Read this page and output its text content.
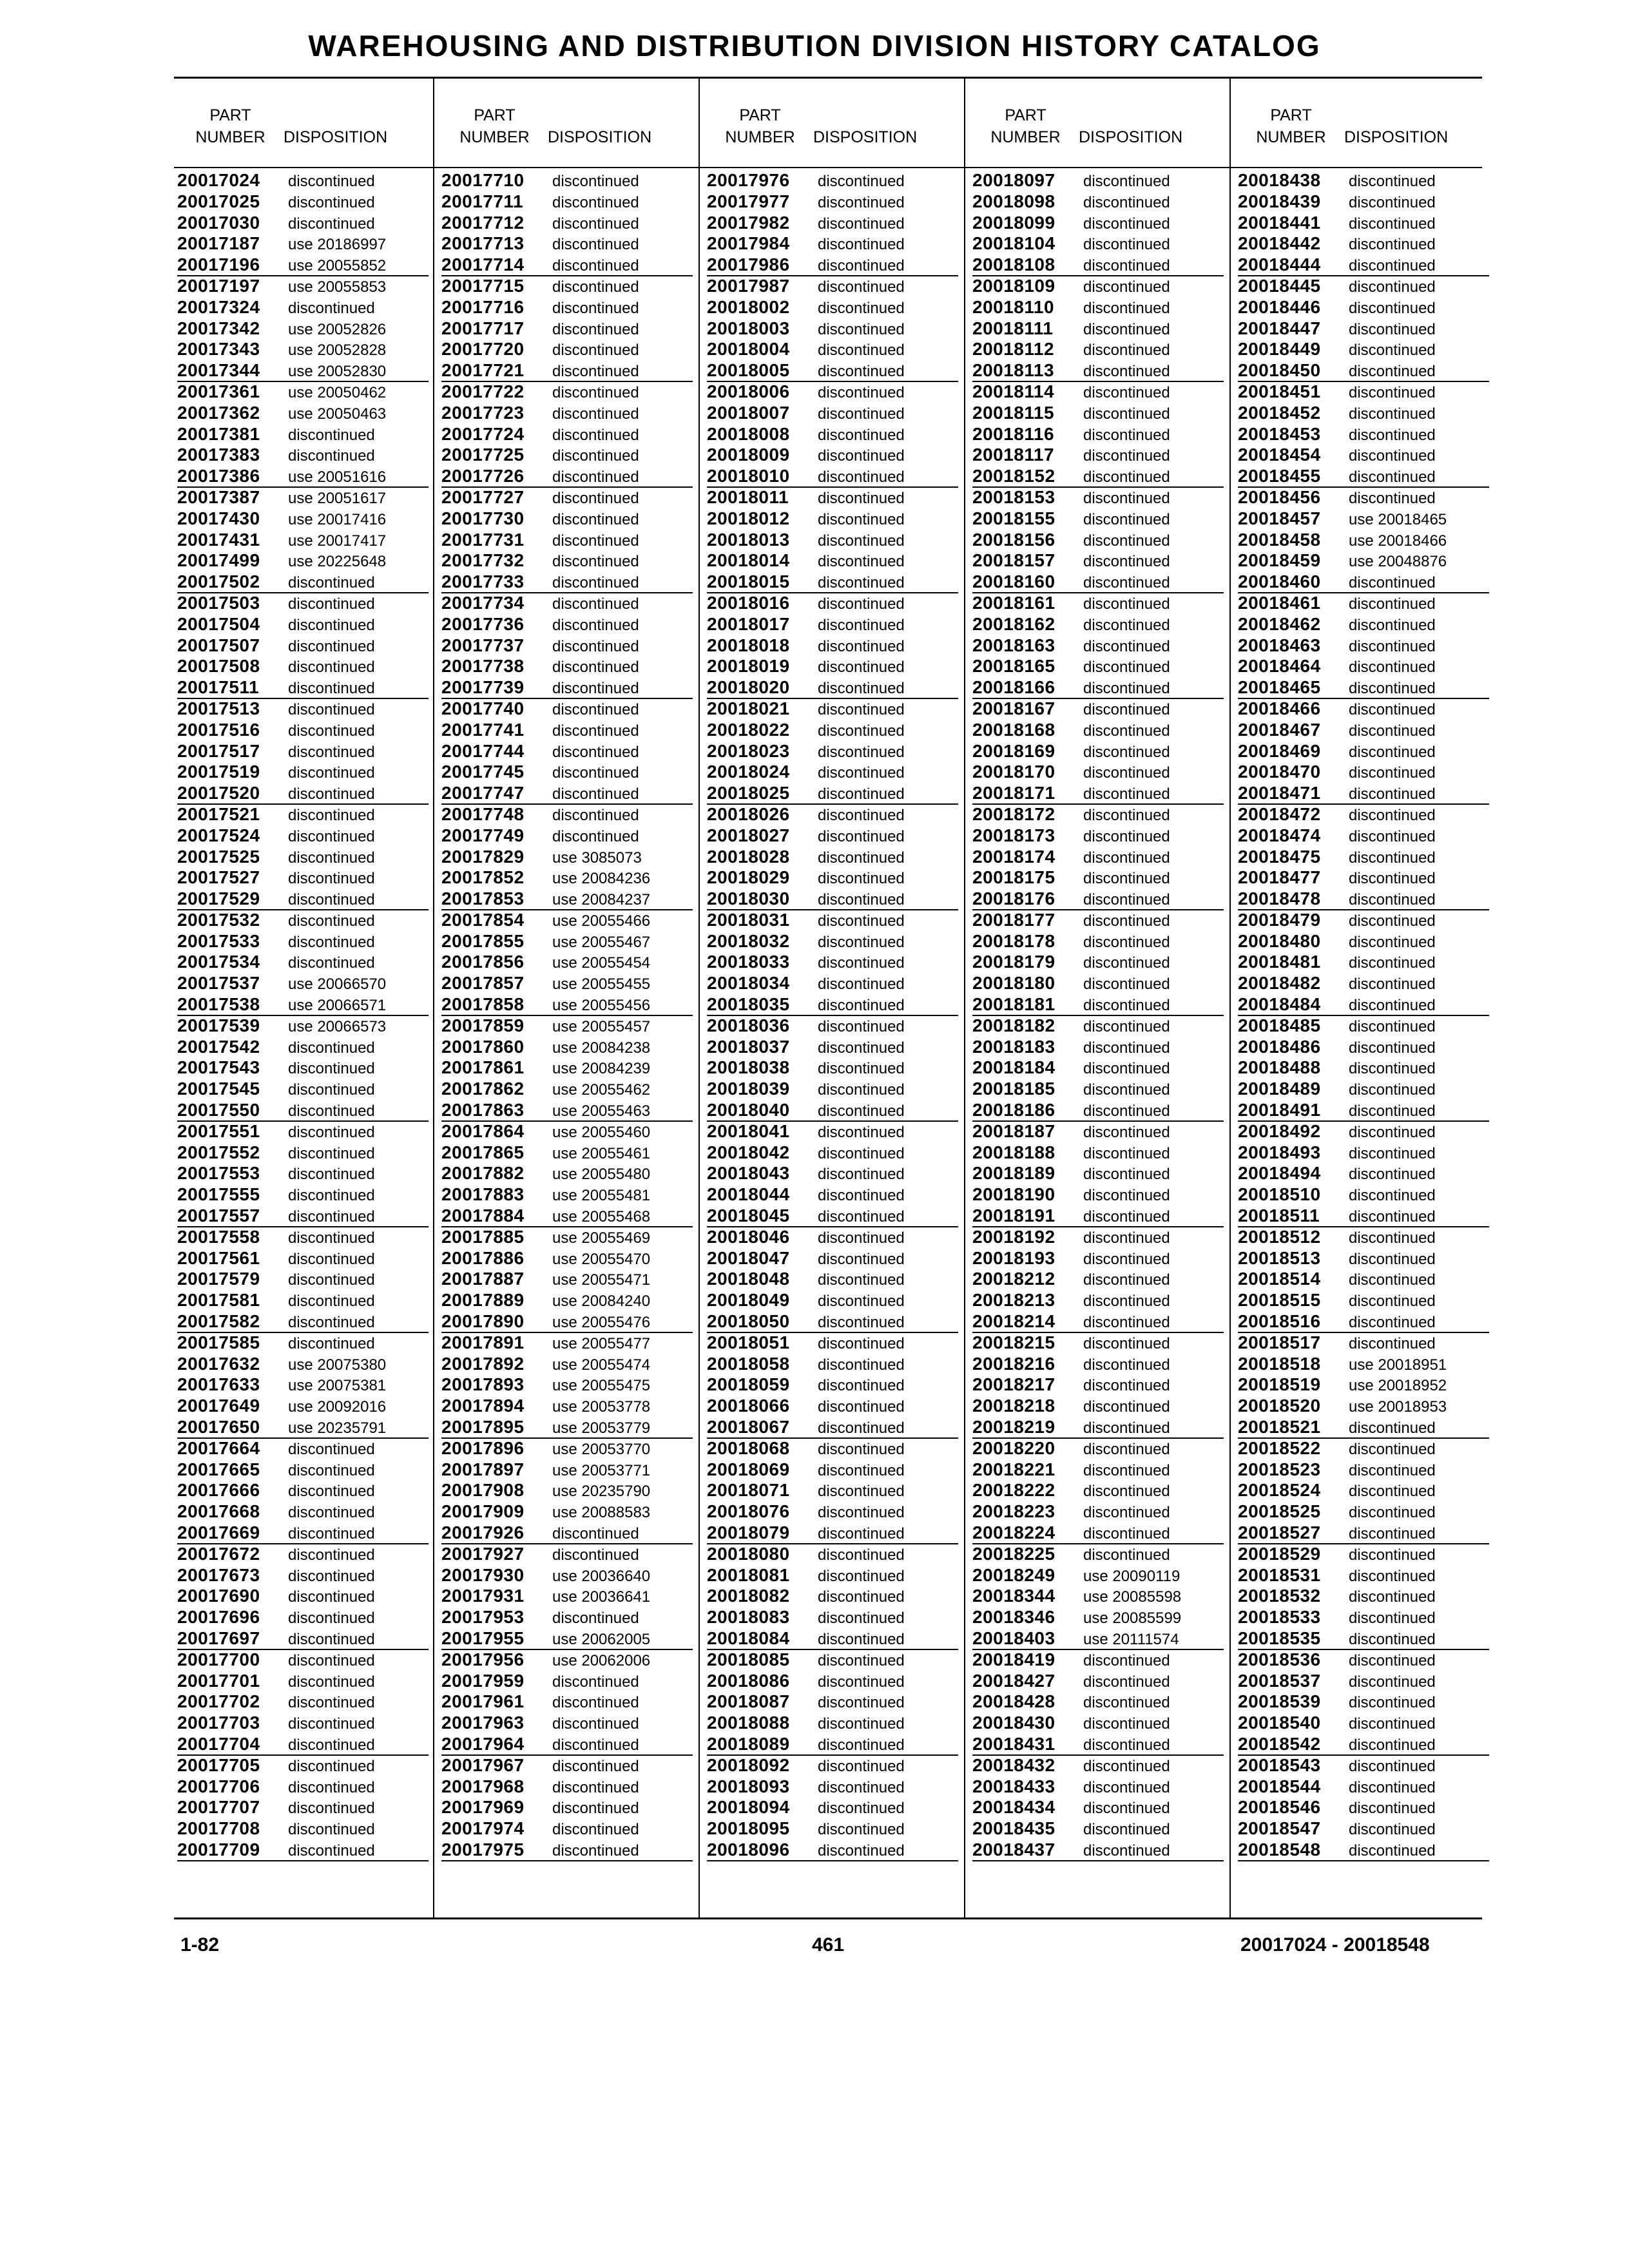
WAREHOUSING AND DISTRIBUTION DIVISION HISTORY CATALOG
PART
NUMBER	DISPOSITION
20017024 discontinued
20017025 discontinued
20017030 discontinued
20017187 use 20186997
20017196 use 20055852
20017197 use 20055853
20017324 discontinued
20017342 use 20052826
20017343 use 20052828
20017344 use 20052830
20017361 use 20050462
20017362 use 20050463
20017381 discontinued
20017383 discontinued
20017386 use 20051616
20017387 use 20051617
20017430 use 20017416
20017431 use 20017417
20017499 use 20225648
20017502 discontinued
20017503 discontinued
20017504 discontinued
20017507 discontinued
20017508 discontinued
20017511 discontinued
20017513 discontinued
20017516 discontinued
20017517 discontinued
20017519 discontinued
20017520 discontinued
20017521 discontinued
20017524 discontinued
20017525 discontinued
20017527 discontinued
20017529 discontinued
20017532 discontinued
20017533 discontinued
20017534 discontinued
20017537 use 20066570
20017538 use 20066571
20017539 use 20066573
20017542 discontinued
20017543 discontinued
20017545 discontinued
20017550 discontinued
20017551 discontinued
20017552 discontinued
20017553 discontinued
20017555 discontinued
20017557 discontinued
20017558 discontinued
20017561 discontinued
20017579 discontinued
20017581 discontinued
20017582 discontinued
20017585 discontinued
20017632 use 20075380
20017633 use 20075381
20017649 use 20092016
20017650 use 20235791
20017664 discontinued
20017665 discontinued
20017666 discontinued
20017668 discontinued
20017669 discontinued
20017672 discontinued
20017673 discontinued
20017690 discontinued
20017696 discontinued
20017697 discontinued
20017700 discontinued
20017701 discontinued
20017702 discontinued
20017703 discontinued
20017704 discontinued
20017705 discontinued
20017706 discontinued
20017707 discontinued
20017708 discontinued
20017709 discontinued
PART
NUMBER	DISPOSITION
20017710 discontinued
20017711 discontinued
20017712 discontinued
20017713 discontinued
20017714 discontinued
20017715 discontinued
20017716 discontinued
20017717 discontinued
20017720 discontinued
20017721 discontinued
20017722 discontinued
20017723 discontinued
20017724 discontinued
20017725 discontinued
20017726 discontinued
20017727 discontinued
20017730 discontinued
20017731 discontinued
20017732 discontinued
20017733 discontinued
20017734 discontinued
20017736 discontinued
20017737 discontinued
20017738 discontinued
20017739 discontinued
20017740 discontinued
20017741 discontinued
20017744 discontinued
20017745 discontinued
20017747 discontinued
20017748 discontinued
20017749 discontinued
20017829 use 3085073
20017852 use 20084236
20017853 use 20084237
20017854 use 20055466
20017855 use 20055467
20017856 use 20055454
20017857 use 20055455
20017858 use 20055456
20017859 use 20055457
20017860 use 20084238
20017861 use 20084239
20017862 use 20055462
20017863 use 20055463
20017864 use 20055460
20017865 use 20055461
20017882 use 20055480
20017883 use 20055481
20017884 use 20055468
20017885 use 20055469
20017886 use 20055470
20017887 use 20055471
20017889 use 20084240
20017890 use 20055476
20017891 use 20055477
20017892 use 20055474
20017893 use 20055475
20017894 use 20053778
20017895 use 20053779
20017896 use 20053770
20017897 use 20053771
20017908 use 20235790
20017909 use 20088583
20017926 discontinued
20017927 discontinued
20017930 use 20036640
20017931 use 20036641
20017953 discontinued
20017955 use 20062005
20017956 use 20062006
20017959 discontinued
20017961 discontinued
20017963 discontinued
20017964 discontinued
20017967 discontinued
20017968 discontinued
20017969 discontinued
20017974 discontinued
20017975 discontinued
PART
NUMBER	DISPOSITION
20017976 discontinued
20017977 discontinued
20017982 discontinued
20017984 discontinued
20017986 discontinued
20017987 discontinued
20018002 discontinued
20018003 discontinued
20018004 discontinued
20018005 discontinued
20018006 discontinued
20018007 discontinued
20018008 discontinued
20018009 discontinued
20018010 discontinued
20018011 discontinued
20018012 discontinued
20018013 discontinued
20018014 discontinued
20018015 discontinued
20018016 discontinued
20018017 discontinued
20018018 discontinued
20018019 discontinued
20018020 discontinued
20018021 discontinued
20018022 discontinued
20018023 discontinued
20018024 discontinued
20018025 discontinued
20018026 discontinued
20018027 discontinued
20018028 discontinued
20018029 discontinued
20018030 discontinued
20018031 discontinued
20018032 discontinued
20018033 discontinued
20018034 discontinued
20018035 discontinued
20018036 discontinued
20018037 discontinued
20018038 discontinued
20018039 discontinued
20018040 discontinued
20018041 discontinued
20018042 discontinued
20018043 discontinued
20018044 discontinued
20018045 discontinued
20018046 discontinued
20018047 discontinued
20018048 discontinued
20018049 discontinued
20018050 discontinued
20018051 discontinued
20018058 discontinued
20018059 discontinued
20018066 discontinued
20018067 discontinued
20018068 discontinued
20018069 discontinued
20018071 discontinued
20018076 discontinued
20018079 discontinued
20018080 discontinued
20018081 discontinued
20018082 discontinued
20018083 discontinued
20018084 discontinued
20018085 discontinued
20018086 discontinued
20018087 discontinued
20018088 discontinued
20018089 discontinued
20018092 discontinued
20018093 discontinued
20018094 discontinued
20018095 discontinued
20018096 discontinued
PART
NUMBER	DISPOSITION
20018097 discontinued
20018098 discontinued
20018099 discontinued
20018104 discontinued
20018108 discontinued
20018109 discontinued
20018110 discontinued
20018111 discontinued
20018112 discontinued
20018113 discontinued
20018114 discontinued
20018115 discontinued
20018116 discontinued
20018117 discontinued
20018152 discontinued
20018153 discontinued
20018155 discontinued
20018156 discontinued
20018157 discontinued
20018160 discontinued
20018161 discontinued
20018162 discontinued
20018163 discontinued
20018165 discontinued
20018166 discontinued
20018167 discontinued
20018168 discontinued
20018169 discontinued
20018170 discontinued
20018171 discontinued
20018172 discontinued
20018173 discontinued
20018174 discontinued
20018175 discontinued
20018176 discontinued
20018177 discontinued
20018178 discontinued
20018179 discontinued
20018180 discontinued
20018181 discontinued
20018182 discontinued
20018183 discontinued
20018184 discontinued
20018185 discontinued
20018186 discontinued
20018187 discontinued
20018188 discontinued
20018189 discontinued
20018190 discontinued
20018191 discontinued
20018192 discontinued
20018193 discontinued
20018212 discontinued
20018213 discontinued
20018214 discontinued
20018215 discontinued
20018216 discontinued
20018217 discontinued
20018218 discontinued
20018219 discontinued
20018220 discontinued
20018221 discontinued
20018222 discontinued
20018223 discontinued
20018224 discontinued
20018225 discontinued
20018249 use 20090119
20018344 use 20085598
20018346 use 20085599
20018403 use 20111574
20018419 discontinued
20018427 discontinued
20018428 discontinued
20018430 discontinued
20018431 discontinued
20018432 discontinued
20018433 discontinued
20018434 discontinued
20018435 discontinued
20018437 discontinued
PART
NUMBER	DISPOSITION
20018438 discontinued
20018439 discontinued
20018441 discontinued
20018442 discontinued
20018444 discontinued
20018445 discontinued
20018446 discontinued
20018447 discontinued
20018449 discontinued
20018450 discontinued
20018451 discontinued
20018452 discontinued
20018453 discontinued
20018454 discontinued
20018455 discontinued
20018456 discontinued
20018457 use 20018465
20018458 use 20018466
20018459 use 20048876
20018460 discontinued
20018461 discontinued
20018462 discontinued
20018463 discontinued
20018464 discontinued
20018465 discontinued
20018466 discontinued
20018467 discontinued
20018469 discontinued
20018470 discontinued
20018471 discontinued
20018472 discontinued
20018474 discontinued
20018475 discontinued
20018477 discontinued
20018478 discontinued
20018479 discontinued
20018480 discontinued
20018481 discontinued
20018482 discontinued
20018484 discontinued
20018485 discontinued
20018486 discontinued
20018488 discontinued
20018489 discontinued
20018491 discontinued
20018492 discontinued
20018493 discontinued
20018494 discontinued
20018510 discontinued
20018511 discontinued
20018512 discontinued
20018513 discontinued
20018514 discontinued
20018515 discontinued
20018516 discontinued
20018517 discontinued
20018518 use 20018951
20018519 use 20018952
20018520 use 20018953
20018521 discontinued
20018522 discontinued
20018523 discontinued
20018524 discontinued
20018525 discontinued
20018527 discontinued
20018529 discontinued
20018531 discontinued
20018532 discontinued
20018533 discontinued
20018535 discontinued
20018536 discontinued
20018537 discontinued
20018539 discontinued
20018540 discontinued
20018542 discontinued
20018543 discontinued
20018544 discontinued
20018546 discontinued
20018547 discontinued
20018548 discontinued
1-82	461	20017024 - 20018548
